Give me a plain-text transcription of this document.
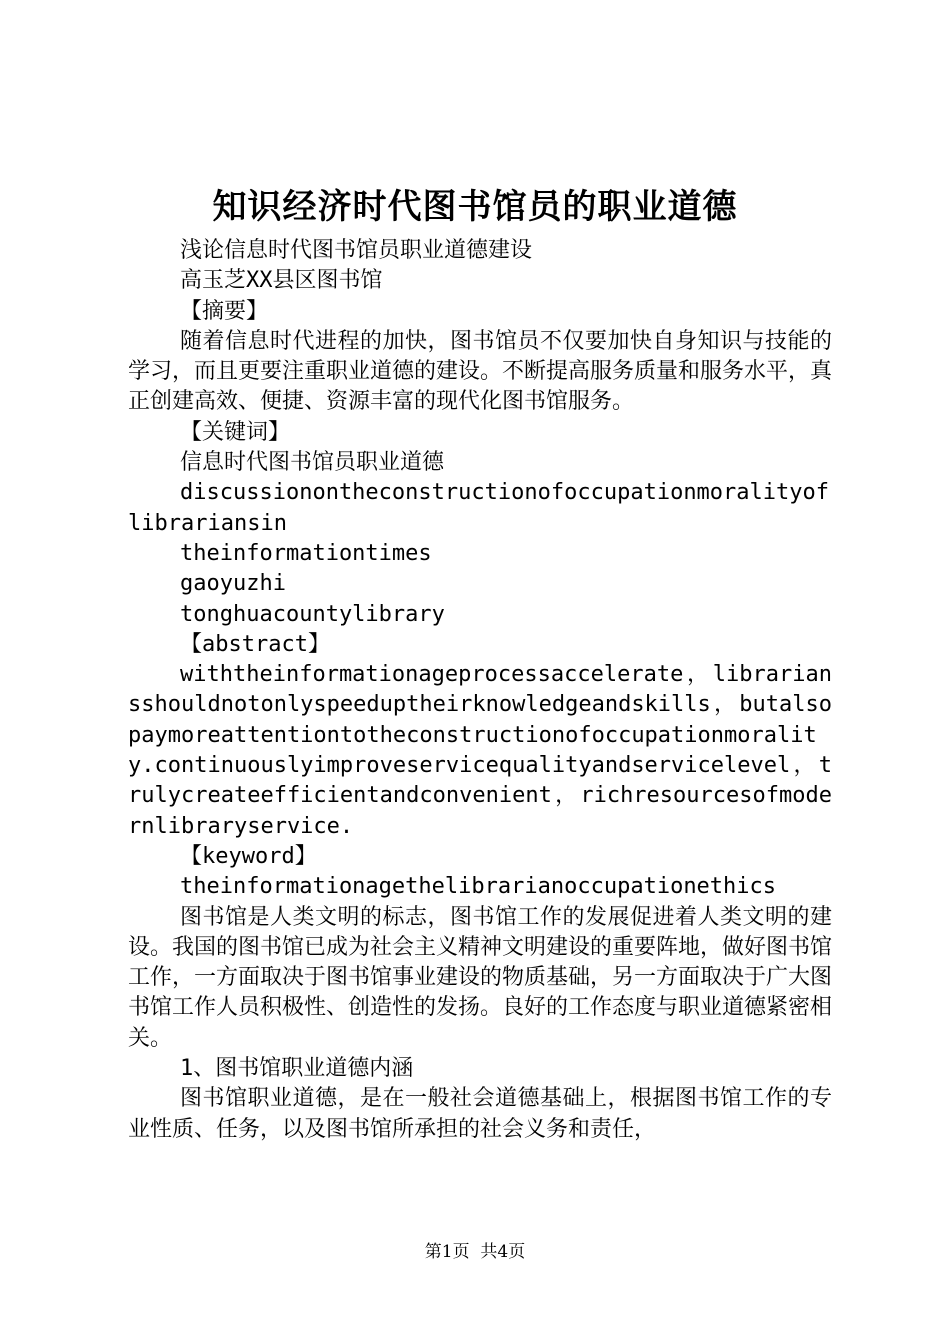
知识经济时代图书馆员的职业道德

浅论信息时代图书馆员职业道德建设

高玉芝XX县区图书馆

【摘要】

随着信息时代进程的加快，图书馆员不仅要加快自身知识与技能的学习，而且更要注重职业道德的建设。不断提高服务质量和服务水平，真正创建高效、便捷、资源丰富的现代化图书馆服务。

【关键词】

信息时代图书馆员职业道德

discussionontheconstructionofoccupationmoralityoflibrariansin

theinformationtimes

gaoyuzhi

tonghuacountylibrary

【abstract】

withtheinformationageprocessaccelerate，librariansshouldnotonlyspeeduptheirknowledgeandskills，butalsopaymoreattentiontotheconstructionofoccupationmorality.continuouslyimproveservicequalityandservicelevel，trulycreateefficientandconvenient，richresourcesofmodernlibraryservice.

【keyword】

theinformationagethelibrarianoccupationethics

图书馆是人类文明的标志，图书馆工作的发展促进着人类文明的建设。我国的图书馆已成为社会主义精神文明建设的重要阵地，做好图书馆工作，一方面取决于图书馆事业建设的物质基础，另一方面取决于广大图书馆工作人员积极性、创造性的发扬。良好的工作态度与职业道德紧密相关。

1、图书馆职业道德内涵

图书馆职业道德，是在一般社会道德基础上，根据图书馆工作的专业性质、任务，以及图书馆所承担的社会义务和责任，

第1页  共4页
